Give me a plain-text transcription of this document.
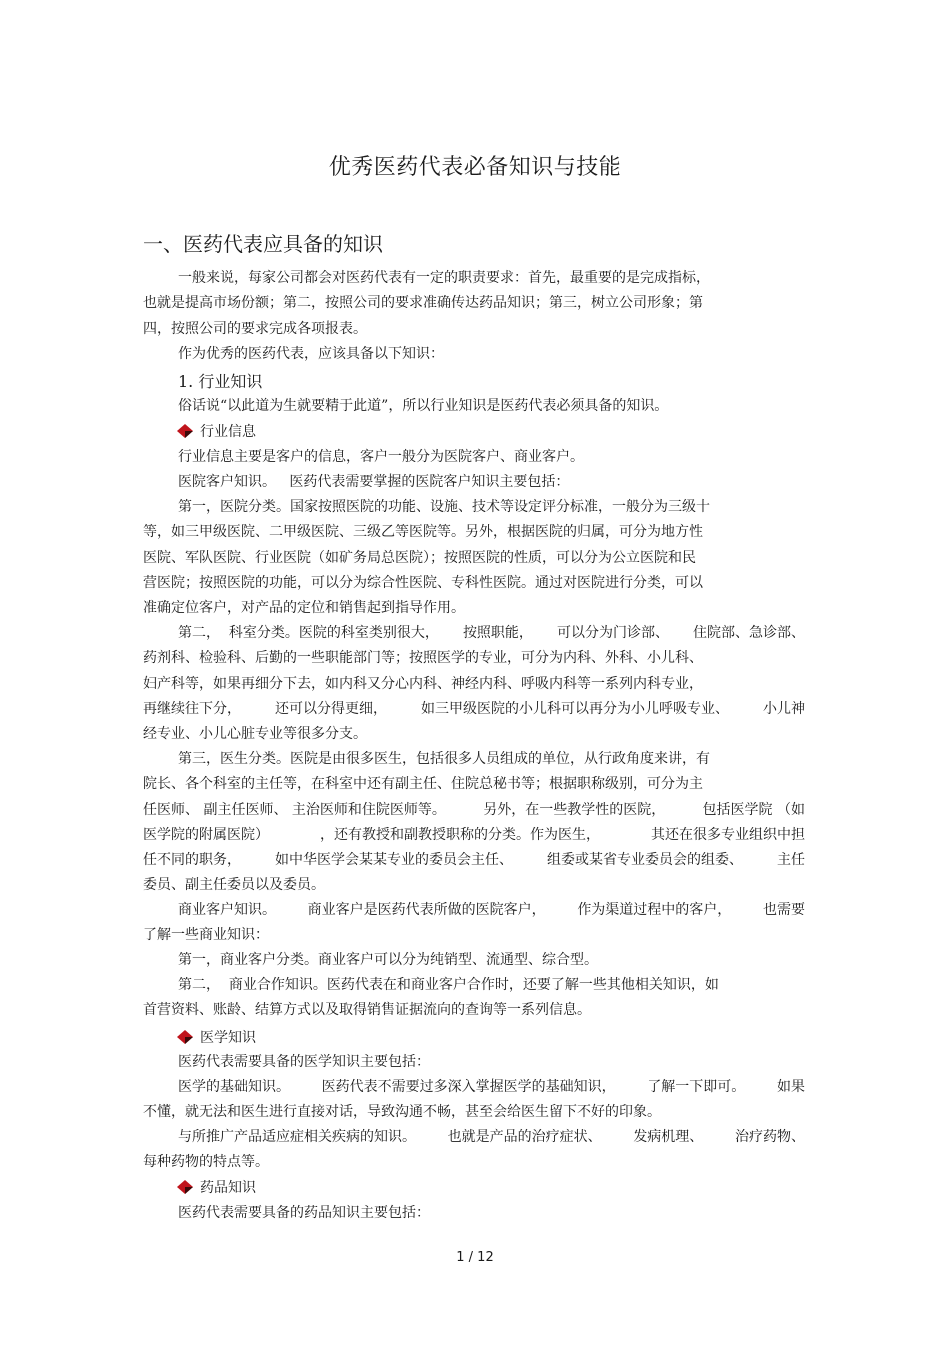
优秀医药代表必备知识与技能
一、医药代表应具备的知识
一般来说，每家公司都会对医药代表有一定的职责要求：首先，最重要的是完成指标，
也就是提高市场份额；第二，按照公司的要求准确传达药品知识；第三，树立公司形象；第
四，按照公司的要求完成各项报表。
作为优秀的医药代表，应该具备以下知识：
1. 行业知识
俗话说“以此道为生就要精于此道”，所以行业知识是医药代表必须具备的知识。
行业信息
行业信息主要是客户的信息，客户一般分为医院客户、商业客户。
医院客户知识。   医药代表需要掌握的医院客户知识主要包括：
第一，医院分类。国家按照医院的功能、设施、技术等设定评分标准，一般分为三级十
等，如三甲级医院、二甲级医院、三级乙等医院等。另外，根据医院的归属，可分为地方性
医院、军队医院、行业医院（如矿务局总医院）；按照医院的性质，可以分为公立医院和民
营医院；按照医院的功能，可以分为综合性医院、专科性医院。通过对医院进行分类，可以
准确定位客户，对产品的定位和销售起到指导作用。
第二，  科室分类。医院的科室类别很大， 按照职能， 可以分为门诊部、 住院部、急诊部、
药剂科、检验科、后勤的一些职能部门等；按照医学的专业，可分为内科、外科、小儿科、
妇产科等，如果再细分下去，如内科又分心内科、神经内科、呼吸内科等一系列内科专业，
再继续往下分， 还可以分得更细， 如三甲级医院的小儿科可以再分为小儿呼吸专业、 小儿神
经专业、小儿心脏专业等很多分支。
第三，医生分类。医院是由很多医生，包括很多人员组成的单位，从行政角度来讲，有
院长、各个科室的主任等，在科室中还有副主任、住院总秘书等；根据职称级别，可分为主
任医师、 副主任医师、 主治医师和住院医师等。	另外，在一些教学性的医院，	包括医学院 （如
医学院的附属医院）	，还有教授和副教授职称的分类。作为医生，	其还在很多专业组织中担
任不同的职务， 如中华医学会某某专业的委员会主任、 组委或某省专业委员会的组委、 主任
委员、副主任委员以及委员。
商业客户知识。 商业客户是医药代表所做的医院客户， 作为渠道过程中的客户， 也需要
了解一些商业知识：
第一，商业客户分类。商业客户可以分为纯销型、流通型、综合型。
第二，  商业合作知识。医药代表在和商业客户合作时，还要了解一些其他相关知识，如
首营资料、账龄、结算方式以及取得销售证据流向的查询等一系列信息。
医学知识
医药代表需要具备的医学知识主要包括：
医学的基础知识。 医药代表不需要过多深入掌握医学的基础知识， 了解一下即可。 如果
不懂，就无法和医生进行直接对话，导致沟通不畅，甚至会给医生留下不好的印象。
与所推广产品适应症相关疾病的知识。 也就是产品的治疗症状、 发病机理、 治疗药物、
每种药物的特点等。
药品知识
医药代表需要具备的药品知识主要包括：
1 / 12
